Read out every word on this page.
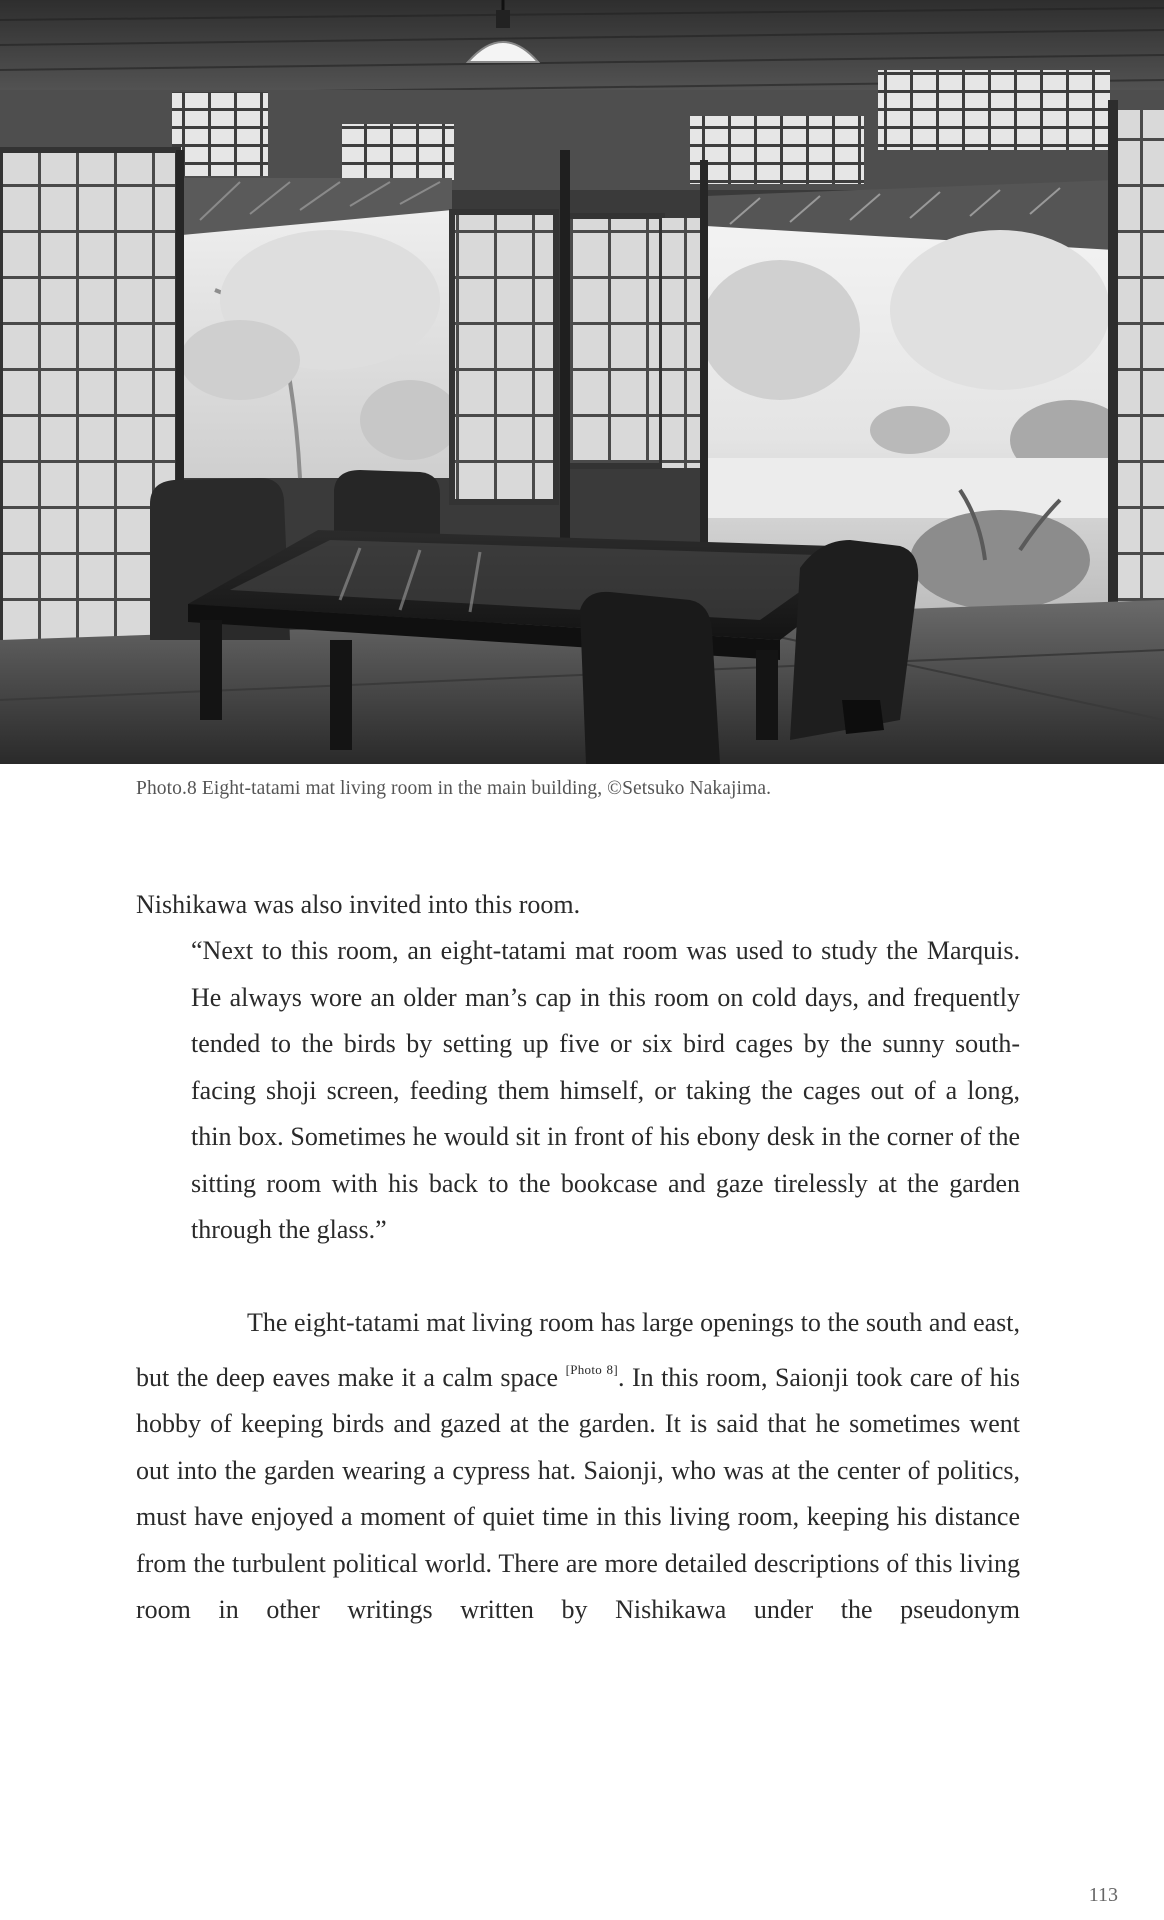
Photo.8 Eight-tatami mat living room in the main building, ©Setsuko Nakajima.
Nishikawa was also invited into this room.
“Next to this room, an eight-tatami mat room was used to study the Marquis. He always wore an older man’s cap in this room on cold days, and frequently tended to the birds by setting up five or six bird cages by the sunny south-facing shoji screen, feeding them himself, or taking the cages out of a long, thin box. Sometimes he would sit in front of his ebony desk in the corner of the sitting room with his back to the bookcase and gaze tirelessly at the garden through the glass.”
The eight-tatami mat living room has large openings to the south and east, but the deep eaves make it a calm space [Photo 8]. In this room, Saionji took care of his hobby of keeping birds and gazed at the garden. It is said that he sometimes went out into the garden wearing a cypress hat. Saionji, who was at the center of politics, must have enjoyed a moment of quiet time in this living room, keeping his distance from the turbulent political world. There are more detailed descriptions of this living room in other writings written by Nishikawa under the pseudonym
113
